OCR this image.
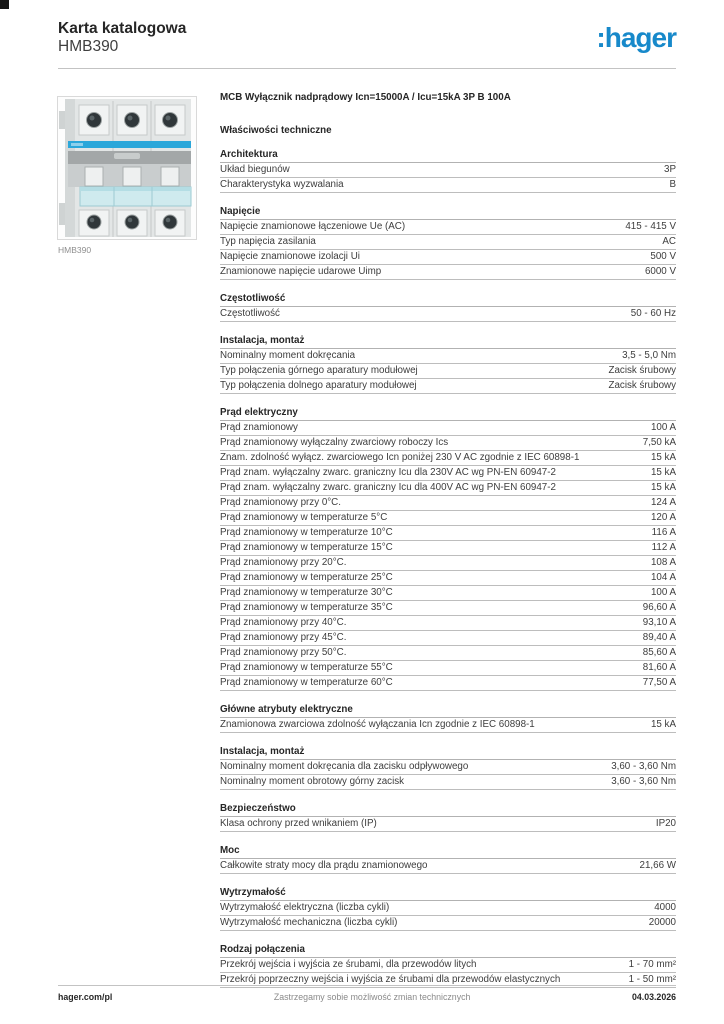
Karta katalogowa
HMB390	:hager
HMB390
MCB Wyłącznik nadprądowy Icn=15000A / Icu=15kA 3P B 100A
Właściwości techniczne
Architektura
Układ biegunów	3P
Charakterystyka wyzwalania	B
Napięcie
Napięcie znamionowe łączeniowe Ue (AC)	415 - 415 V
Typ napięcia zasilania	AC
Napięcie znamionowe izolacji Ui	500 V
Znamionowe napięcie udarowe Uimp	6000 V
Częstotliwość
Częstotliwość	50 - 60 Hz
Instalacja, montaż
Nominalny moment dokręcania	3,5 - 5,0 Nm
Typ połączenia górnego aparatury modułowej	Zacisk śrubowy
Typ połączenia dolnego aparatury modułowej	Zacisk śrubowy
Prąd elektryczny
Prąd znamionowy	100 A
Prąd znamionowy wyłączalny zwarciowy roboczy Ics	7,50 kA
Znam. zdolność wyłącz. zwarciowego Icn poniżej 230 V AC zgodnie z IEC 60898-1	15 kA
Prąd znam. wyłączalny zwarc. graniczny Icu dla 230V AC wg PN-EN 60947-2	15 kA
Prąd znam. wyłączalny zwarc. graniczny Icu dla 400V AC wg PN-EN 60947-2	15 kA
Prąd znamionowy przy 0°C.	124 A
Prąd znamionowy w temperaturze 5°C	120 A
Prąd znamionowy w temperaturze 10°C	116 A
Prąd znamionowy w temperaturze 15°C	112 A
Prąd znamionowy przy 20°C.	108 A
Prąd znamionowy w temperaturze 25°C	104 A
Prąd znamionowy w temperaturze 30°C	100 A
Prąd znamionowy w temperaturze 35°C	96,60 A
Prąd znamionowy przy 40°C.	93,10 A
Prąd znamionowy przy 45°C.	89,40 A
Prąd znamionowy przy 50°C.	85,60 A
Prąd znamionowy w temperaturze 55°C	81,60 A
Prąd znamionowy w temperaturze 60°C	77,50 A
Główne atrybuty elektryczne
Znamionowa zwarciowa zdolność wyłączania Icn zgodnie z IEC 60898-1	15 kA
Instalacja, montaż
Nominalny moment dokręcania dla zacisku odpływowego	3,60 - 3,60 Nm
Nominalny moment obrotowy górny zacisk	3,60 - 3,60 Nm
Bezpieczeństwo
Klasa ochrony przed wnikaniem (IP)	IP20
Moc
Całkowite straty mocy dla prądu znamionowego	21,66 W
Wytrzymałość
Wytrzymałość elektryczna (liczba cykli)	4000
Wytrzymałość mechaniczna (liczba cykli)	20000
Rodzaj połączenia
Przekrój wejścia i wyjścia ze śrubami, dla przewodów litych	1 - 70 mm²
Przekrój poprzeczny wejścia i wyjścia ze śrubami dla przewodów elastycznych	1 - 50 mm²
hager.com/pl	Zastrzegamy sobie możliwość zmian technicznych	04.03.2026
